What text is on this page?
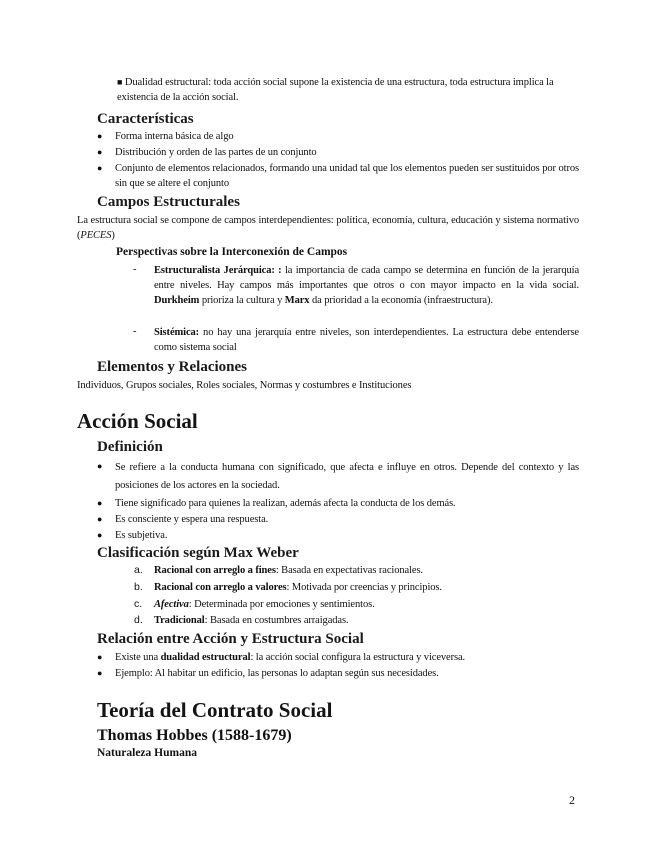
■ Dualidad estructural: toda acción social supone la existencia de una estructura, toda estructura implica la existencia de la acción social.
Características
● Forma interna básica de algo
● Distribución y orden de las partes de un conjunto
● Conjunto de elementos relacionados, formando una unidad tal que los elementos pueden ser sustituidos por otros sin que se altere el conjunto
Campos Estructurales
La estructura social se compone de campos interdependientes: política, economía, cultura, educación y sistema normativo (PECES)
Perspectivas sobre la Interconexión de Campos
- Estructuralista Jerárquica: : la importancia de cada campo se determina en función de la jerarquía entre niveles. Hay campos más importantes que otros o con mayor impacto en la vida social. Durkheim prioriza la cultura y Marx da prioridad a la economía (infraestructura).
- Sistémica: no hay una jerarquía entre niveles, son interdependientes. La estructura debe entenderse como sistema social
Elementos y Relaciones
Individuos, Grupos sociales, Roles sociales, Normas y costumbres e Instituciones
Acción Social
Definición
● Se refiere a la conducta humana con significado, que afecta e influye en otros. Depende del contexto y las posiciones de los actores en la sociedad.
● Tiene significado para quienes la realizan, además afecta la conducta de los demás.
● Es consciente y espera una respuesta.
● Es subjetiva.
Clasificación según Max Weber
a. Racional con arreglo a fines: Basada en expectativas racionales.
b. Racional con arreglo a valores: Motivada por creencias y principios.
c. Afectiva: Determinada por emociones y sentimientos.
d. Tradicional: Basada en costumbres arraigadas.
Relación entre Acción y Estructura Social
● Existe una dualidad estructural: la acción social configura la estructura y viceversa.
● Ejemplo: Al habitar un edificio, las personas lo adaptan según sus necesidades.
Teoría del Contrato Social
Thomas Hobbes (1588-1679)
Naturaleza Humana
2
